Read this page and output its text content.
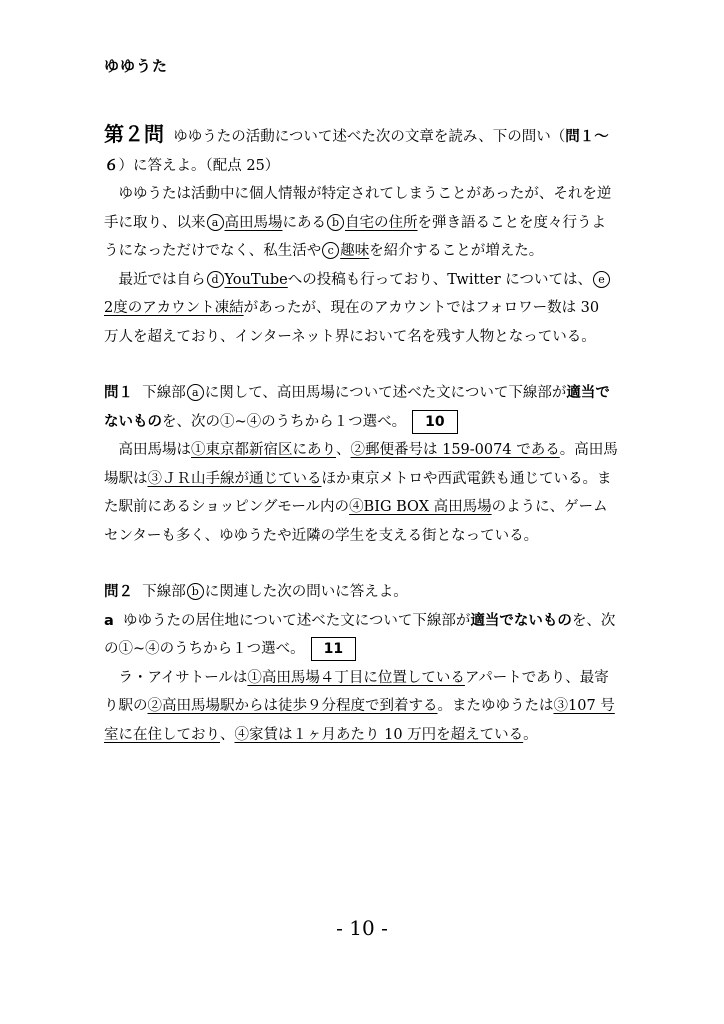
ゆゆうた
第２問 ゆゆうたの活動について述べた次の文章を読み、下の問い（問１～６）に答えよ。（配点 25）
ゆゆうたは活動中に個人情報が特定されてしまうことがあったが、それを逆手に取り、以来 a 高田馬場にある b 自宅の住所を弾き語ることを度々行うようになっただけでなく、私生活や c 趣味を紹介することが増えた。
最近では自ら d YouTubeへの投稿も行っており、Twitter については、 e2度のアカウント凍結があったが、現在のアカウントではフォロワー数は 30 万人を超えており、インターネット界において名を残す人物となっている。
問１ 下線部 a に関して、高田馬場について述べた文について下線部が適当でないものを、次の①~④のうちから１つ選べ。 10
高田馬場は①東京都新宿区にあり、②郵便番号は 159-0074 である。高田馬場駅は③ＪＲ山手線が通じているほか東京メトロや西武電鉄も通じている。また駅前にあるショッピングモール内の④BIG BOX 高田馬場のように、ゲームセンターも多く、ゆゆうたや近隣の学生を支える街となっている。
問２ 下線部 b に関連した次の問いに答えよ。
a ゆゆうたの居住地について述べた文について下線部が適当でないものを、次の①~④のうちから１つ選べ。 11
ラ・アイサトールは①高田馬場４丁目に位置しているアパートであり、最寄り駅の②高田馬場駅からは徒歩９分程度で到着する。またゆゆうたは③107 号室に在住しており、④家賃は１ヶ月あたり 10 万円を超えている。
- 10 -
